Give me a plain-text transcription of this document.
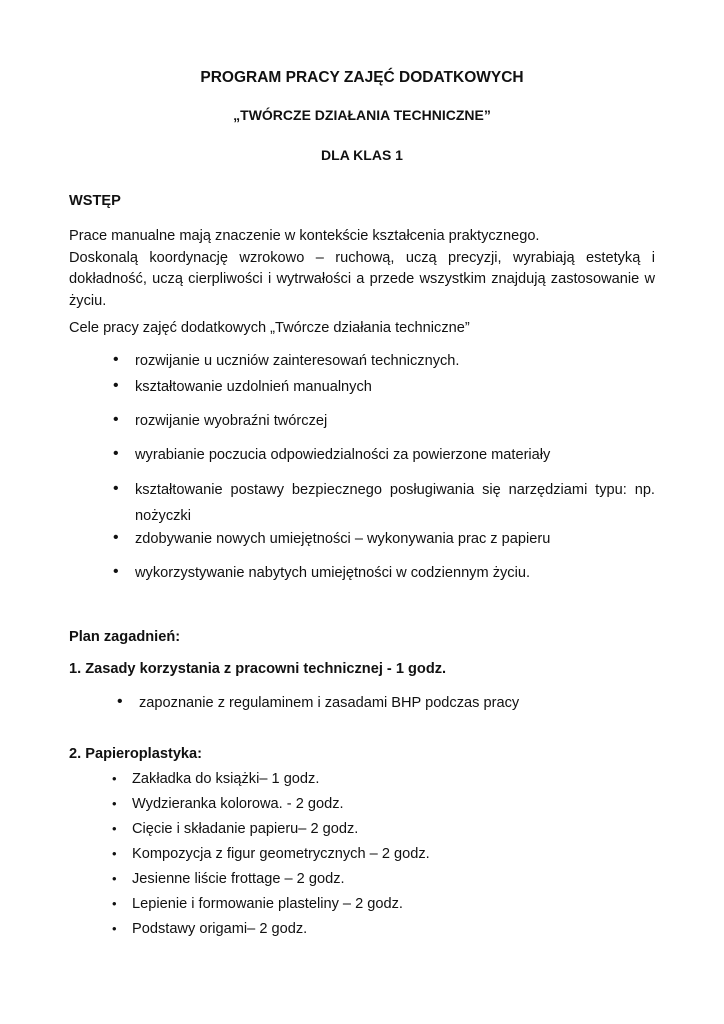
PROGRAM PRACY ZAJĘĆ DODATKOWYCH
„TWÓRCZE DZIAŁANIA TECHNICZNE”
DLA KLAS 1
WSTĘP
Prace manualne mają znaczenie w kontekście kształcenia praktycznego.
Doskonalą koordynację wzrokowo – ruchową, uczą precyzji, wyrabiają estetyką i
dokładność, uczą cierpliwości i wytrwałości a przede wszystkim znajdują zastosowanie w
życiu.
Cele pracy zajęć dodatkowych „Twórcze działania techniczne”
• rozwijanie u uczniów zainteresowań technicznych.
• kształtowanie uzdolnień manualnych
• rozwijanie wyobraźni twórczej
• wyrabianie poczucia odpowiedzialności za powierzone materiały
• kształtowanie postawy bezpiecznego posługiwania się narzędziami typu: np.
nożyczki
• zdobywanie nowych umiejętności – wykonywania prac z papieru
• wykorzystywanie nabytych umiejętności w codziennym życiu.
Plan zagadnień:
1. Zasady korzystania z pracowni technicznej - 1 godz.
• zapoznanie z regulaminem i zasadami BHP podczas pracy
2. Papieroplastyka:
• Zakładka do książki– 1 godz.
• Wydzieranka kolorowa. - 2 godz.
• Cięcie i składanie papieru– 2 godz.
• Kompozycja z figur geometrycznych – 2 godz.
• Jesienne liście frottage – 2 godz.
• Lepienie i formowanie plasteliny – 2 godz.
• Podstawy origami– 2 godz.
